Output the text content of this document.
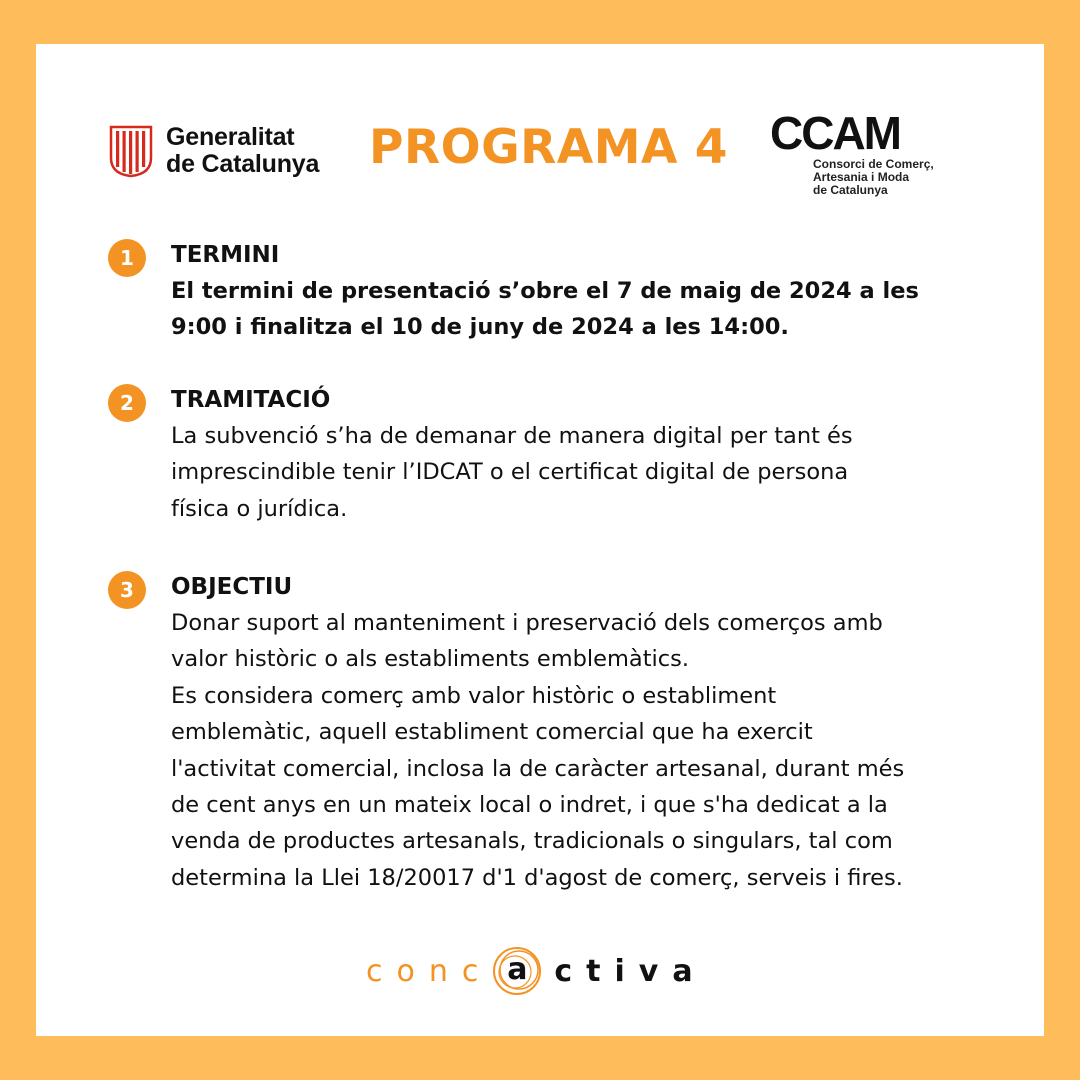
Generalitat
de Catalunya PROGRAMA 4 CCAM
Consorci de Comerç,
Artesania i Moda
de Catalunya
1	TERMINI
El termini de presentació s’obre el 7 de maig de 2024 a les
9:00 i finalitza el 10 de juny de 2024 a les 14:00.
2	TRAMITACIÓ
La subvenció s’ha de demanar de manera digital per tant és
imprescindible tenir l’IDCAT o el certificat digital de persona
física o jurídica.
3	OBJECTIU
Donar suport al manteniment i preservació dels comerços amb
valor històric o als establiments emblemàtics.
Es considera comerç amb valor històric o establiment
emblemàtic, aquell establiment comercial que ha exercit
l'activitat comercial, inclosa la de caràcter artesanal, durant més
de cent anys en un mateix local o indret, i que s'ha dedicat a la
venda de productes artesanals, tradicionals o singulars, tal com
determina la Llei 18/20017 d'1 d'agost de comerç, serveis i fires.
conc a ctiva
